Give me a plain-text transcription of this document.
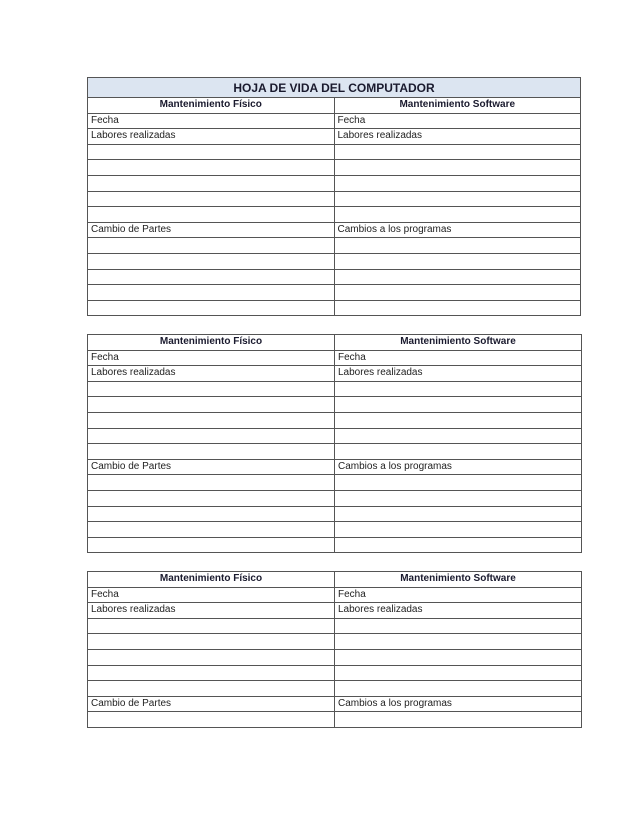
HOJA DE VIDA DEL COMPUTADOR	
Mantenimiento Físico	Mantenimiento Software
Fecha	Fecha
Labores realizadas	Labores realizadas

Cambio de Partes	Cambios a los programas

Mantenimiento Físico	Mantenimiento Software
Fecha	Fecha
Labores realizadas	Labores realizadas

Cambio de Partes	Cambios a los programas

Mantenimiento Físico	Mantenimiento Software
Fecha	Fecha
Labores realizadas	Labores realizadas

Cambio de Partes	Cambios a los programas
